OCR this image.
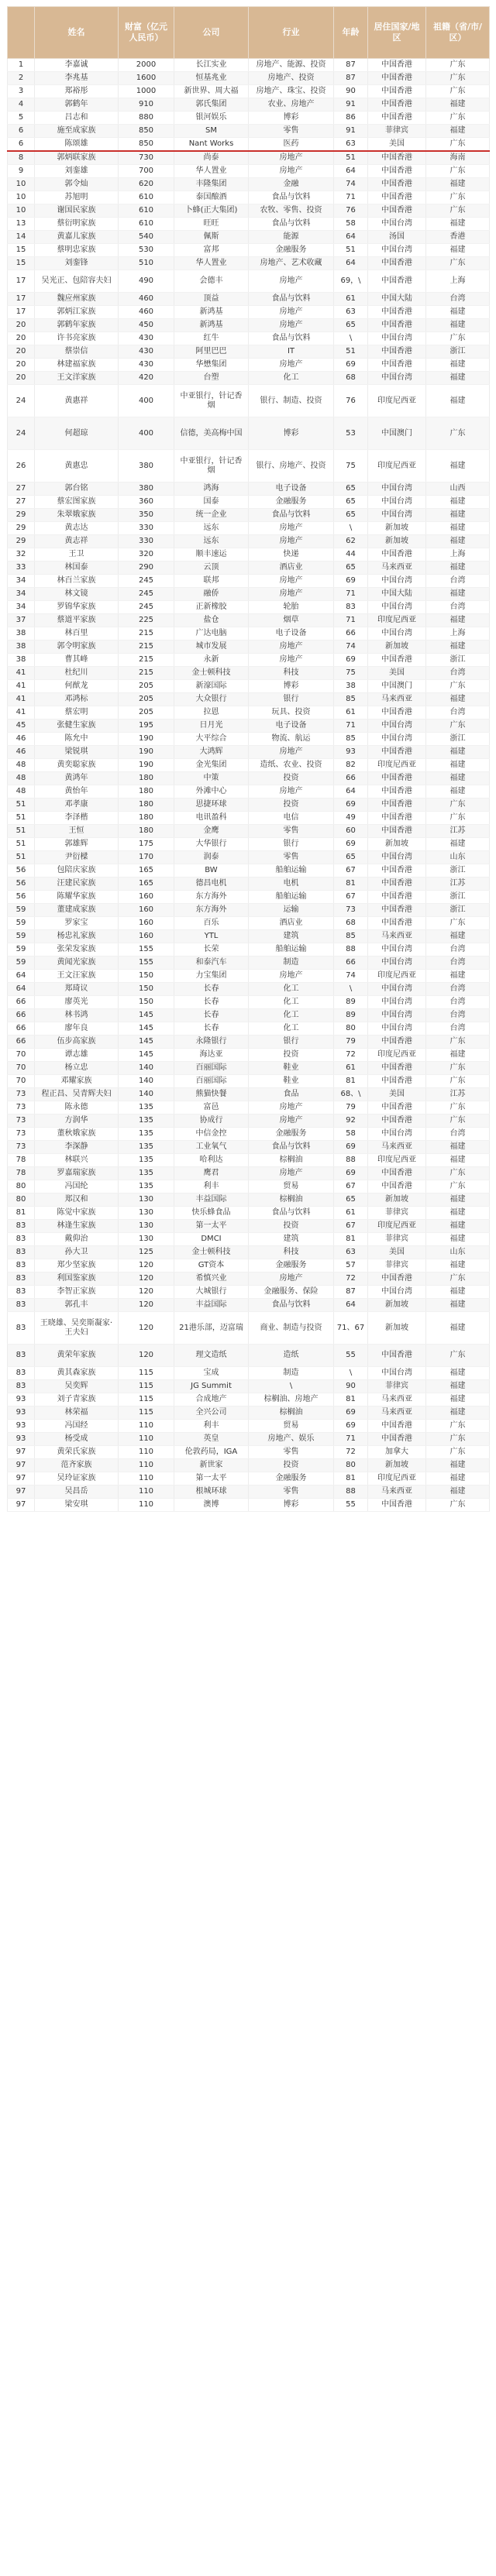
	姓名	财富（亿元人民币）	公司	行业	年龄	居住国家/地区	祖籍（省/市/区）
1	李嘉诚	2000	长江实业	房地产、能源、投资	87	中国香港	广东
2	李兆基	1600	恒基兆业	房地产、投资	87	中国香港	广东
3	郑裕彤	1000	新世界、周大福	房地产、珠宝、投资	90	中国香港	广东
4	郭鹤年	910	郭氏集团	农业、房地产	91	中国香港	福建
5	吕志和	880	银河娱乐	博彩	86	中国香港	广东
6	施至成家族	850	SM	零售	91	菲律宾	福建
6	陈颂雄	850	Nant Works	医药	63	美国	广东
8	郭炳联家族	730	尚泰	房地产	51	中国香港	海南
9	刘銮雄	700	华人置业	房地产	64	中国香港	广东
10	郭令灿	620	丰隆集团	金融	74	中国香港	福建
10	苏旭明	610	泰国酿酒	食品与饮料	71	中国香港	广东
10	谢国民家族	610	卜蜂(正大集团)	农牧、零售、投资	76	中国香港	广东
13	蔡衍明家族	610	旺旺	食品与饮料	58	中国台湾	福建
14	黄嘉儿家族	540	佩斯	能源	64	汤国	香港
15	蔡明忠家族	530	富邦	金融服务	51	中国台湾	福建
15	刘銮锋	510	华人置业	房地产、艺术收藏	64	中国香港	广东
17	吴光正、包陪容夫妇	490	会德丰	房地产	69，\	中国香港	上海
17	魏应州家族	460	顶益	食品与饮料	61	中国大陆	台湾
17	郭炳江家族	460	新鸿基	房地产	63	中国香港	福建
20	郭鹤年家族	450	新鸿基	房地产	65	中国香港	福建
20	许书亮家族	430	红牛	食品与饮料	\	中国台湾	广东
20	蔡崇信	430	阿里巴巴	IT	51	中国香港	浙江
20	林建福家族	430	华懋集团	房地产	69	中国香港	福建
20	王文洋家族	420	台塑	化工	68	中国台湾	福建
24	黄惠祥	400	中亚银行，针记香烟	银行、制造、投资	76	印度尼西亚	福建
24	何超琼	400	信德，美高梅中国	博彩	53	中国澳门	广东
26	黄惠忠	380	中亚银行，针记香烟	银行、房地产、投资	75	印度尼西亚	福建
27	郭台铭	380	鸿海	电子设备	65	中国台湾	山西
27	蔡宏图家族	360	国泰	金融服务	65	中国台湾	福建
29	朱翠娥家族	350	统一企业	食品与饮料	65	中国台湾	福建
29	黄志达	330	远东	房地产	\	新加坡	福建
29	黄志祥	330	远东	房地产	62	新加坡	福建
32	王卫	320	顺丰速运	快递	44	中国香港	上海
33	林国泰	290	云顶	酒店业	65	马来西亚	福建
34	林百兰家族	245	联邦	房地产	69	中国台湾	台湾
34	林文镜	245	融侨	房地产	71	中国大陆	福建
34	罗锦华家族	245	正新橡胶	轮胎	83	中国台湾	台湾
37	蔡道平家族	225	盐仓	烟草	71	印度尼西亚	福建
38	林百里	215	广达电脑	电子设备	66	中国台湾	上海
38	郭令明家族	215	城市发展	房地产	74	新加坡	福建
38	曹其峰	215	永新	房地产	69	中国香港	浙江
41	杜纪川	215	金士顿科技	科技	75	美国	台湾
41	何猷龙	205	新濠国际	博彩	38	中国澳门	广东
41	邓鸿标	205	大众银行	银行	85	马来西亚	福建
41	蔡宏明	205	拉恩	玩具、投资	61	中国香港	台湾
45	张健生家族	195	日月光	电子设备	71	中国台湾	广东
46	陈允中	190	大平综合	物流、航运	85	中国台湾	浙江
46	梁锐琪	190	大鸿辉	房地产	93	中国香港	福建
48	黄奕聪家族	190	金光集团	造纸、农业、投资	82	印度尼西亚	福建
48	黄鸿年	180	中策	投资	66	中国香港	福建
48	黄怡年	180	外滩中心	房地产	64	中国香港	福建
51	邓孝康	180	思捷环球	投资	69	中国香港	广东
51	李泽楷	180	电讯盈科	电信	49	中国香港	广东
51	王恒	180	金鹰	零售	60	中国香港	江苏
51	郭雄辉	175	大华银行	银行	69	新加坡	福建
51	尹衍樑	170	润泰	零售	65	中国台湾	山东
56	包陪庆家族	165	BW	船舶运输	67	中国香港	浙江
56	汪建民家族	165	德昌电机	电机	81	中国香港	江苏
56	陈耀华家族	160	东方海外	船舶运输	67	中国香港	浙江
59	董建成家族	160	东方海外	运输	73	中国香港	浙江
59	罗家宝	160	百乐	酒店业	68	中国香港	广东
59	杨忠礼家族	160	YTL	建筑	85	马来西亚	福建
59	张荣发家族	155	长荣	船舶运输	88	中国台湾	台湾
59	黄闻光家族	155	和泰汽车	制造	66	中国台湾	台湾
64	王文汪家族	150	力宝集团	房地产	74	印度尼西亚	福建
64	郑琦议	150	长春	化工	\	中国台湾	台湾
66	廖英光	150	长春	化工	89	中国台湾	台湾
66	林书鸿	145	长春	化工	89	中国台湾	台湾
66	廖年良	145	长春	化工	80	中国台湾	台湾
66	伍步高家族	145	永隆银行	银行	79	中国香港	广东
70	谭志雄	145	海达亚	投资	72	印度尼西亚	福建
70	杨立忠	140	百丽国际	鞋业	61	中国香港	广东
70	邓耀家族	140	百丽国际	鞋业	81	中国香港	广东
73	程正昌、吴青辉夫妇	140	熊猫快餐	食品	68、\	美国	江苏
73	陈永德	135	富邑	房地产	79	中国香港	广东
73	方润华	135	协成行	房地产	92	中国香港	广东
73	董秋娥家族	135	中信金控	金融服务	58	中国台湾	台湾
73	李深静	135	工业氧气	食品与饮料	69	马来西亚	福建
78	林联兴	135	哈利达	棕榈油	88	印度尼西亚	福建
78	罗嘉瑞家族	135	鹰君	房地产	69	中国香港	广东
80	冯国纶	135	利丰	贸易	67	中国香港	广东
80	郑汉和	130	丰益国际	棕榈油	65	新加坡	福建
81	陈觉中家族	130	快乐蜂食品	食品与饮料	61	菲律宾	福建
83	林逢生家族	130	第一太平	投资	67	印度尼西亚	福建
83	戴仰治	130	DMCI	建筑	81	菲律宾	福建
83	孙大卫	125	金士顿科技	科技	63	美国	山东
83	郑少坚家族	120	GT资本	金融服务	57	菲律宾	福建
83	利国鉴家族	120	希慎兴业	房地产	72	中国香港	广东
83	李智正家族	120	大城银行	金融服务、保险	87	中国台湾	福建
83	郭孔丰	120	丰益国际	食品与饮料	64	新加坡	福建
83	王晓雄、吴奕斯凝家·王夫妇	120	21港乐部，迈富瑞	商业、制造与投资	71、67	新加坡	福建
83	黄荣年家族	120	理文造纸	造纸	55	中国香港	广东
83	黄其森家族	115	宝成	制造	\	中国台湾	福建
83	吴奕辉	115	JG Summit	\	90	菲律宾	福建
93	刘子青家族	115	合成地产	棕榈油、房地产	81	马来西亚	福建
93	林荣福	115	全兴公司	棕榈油	69	马来西亚	福建
93	冯国经	110	利丰	贸易	69	中国香港	广东
93	杨受成	110	英皇	房地产、娱乐	71	中国香港	广东
97	黄荣氏家族	110	伦敦药局，IGA	零售	72	加拿大	广东
97	范齐家族	110	新世家	投资	80	新加坡	福建
97	吴玲证家族	110	第一太平	金融服务	81	印度尼西亚	福建
97	吴昌岳	110	根城环球	零售	88	马来西亚	福建
97	梁安琪	110	澳博	博彩	55	中国香港	广东
